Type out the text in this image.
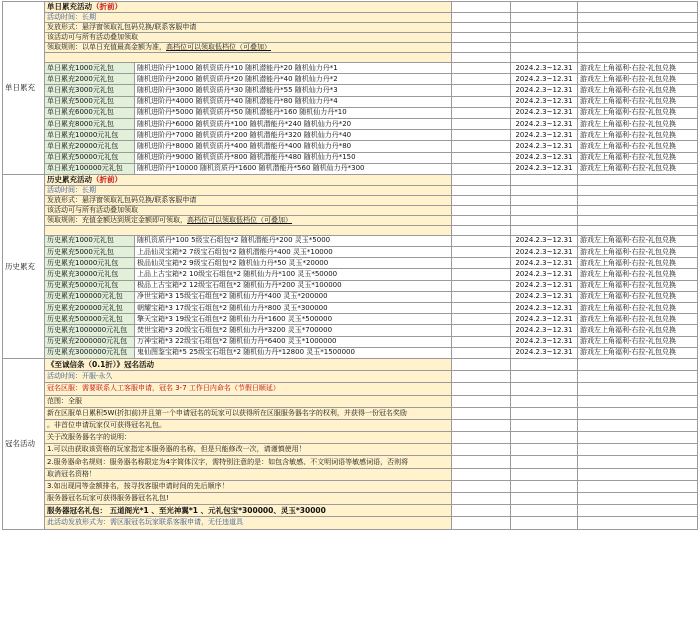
单日累充	单日累充活动（折前）				
	活动时间：长期				
	发放形式：悬浮窗领取礼包码兑换/联系客服申请				
	该活动可与所有活动叠加领取				
	领取规则：以单日充值最高金额为准，高档位可以领取低档位（可叠加）				

	单日累充1000元礼包	随机进阶丹*1000 随机资质丹*10 随机潜能丹*20 随机仙力丹*1		2024.2.3~12.31	游戏左上角福利-右拉-礼包兑换
	单日累充2000元礼包	随机进阶丹*2000 随机资质丹*20 随机潜能丹*40 随机仙力丹*2		2024.2.3~12.31	游戏左上角福利-右拉-礼包兑换
	单日累充3000元礼包	随机进阶丹*3000 随机资质丹*30 随机潜能丹*55 随机仙力丹*3		2024.2.3~12.31	游戏左上角福利-右拉-礼包兑换
	单日累充5000元礼包	随机进阶丹*4000 随机资质丹*40 随机潜能丹*80 随机仙力丹*4		2024.2.3~12.31	游戏左上角福利-右拉-礼包兑换
	单日累充6000元礼包	随机进阶丹*5000 随机资质丹*50 随机潜能丹*160 随机仙力丹*10		2024.2.3~12.31	游戏左上角福利-右拉-礼包兑换
	单日累充8000元礼包	随机进阶丹*6000 随机资质丹*100 随机潜能丹*240 随机仙力丹*20		2024.2.3~12.31	游戏左上角福利-右拉-礼包兑换
	单日累充10000元礼包	随机进阶丹*7000 随机资质丹*200 随机潜能丹*320 随机仙力丹*40		2024.2.3~12.31	游戏左上角福利-右拉-礼包兑换
	单日累充20000元礼包	随机进阶丹*8000 随机资质丹*400 随机潜能丹*400 随机仙力丹*80		2024.2.3~12.31	游戏左上角福利-右拉-礼包兑换
	单日累充50000元礼包	随机进阶丹*9000 随机资质丹*800 随机潜能丹*480 随机仙力丹*150		2024.2.3~12.31	游戏左上角福利-右拉-礼包兑换
	单日累充100000元礼包	随机进阶丹*10000 随机资质丹*1600 随机潜能丹*560 随机仙力丹*300		2024.2.3~12.31	游戏左上角福利-右拉-礼包兑换
历史累充	历史累充活动（折前）				
	活动时间：长期				
	发放形式：悬浮窗领取礼包码兑换/联系客服申请				
	该活动可与所有活动叠加领取				
	领取规则：充值金额达到规定金额即可领取，高档位可以领取低档位（可叠加）				

	历史累充1000元礼包	随机资质丹*100 5级宝石组包*2 随机潜能丹*200 灵玉*5000		2024.2.3~12.31	游戏左上角福利-右拉-礼包兑换
	历史累充5000元礼包	上品仙灵宝箱*2 7级宝石组包*2 随机潜能丹*400 灵玉*10000		2024.2.3~12.31	游戏左上角福利-右拉-礼包兑换
	历史累充10000元礼包	极品仙灵宝箱*2 9级宝石组包*2 随机仙力丹*50 灵玉*20000		2024.2.3~12.31	游戏左上角福利-右拉-礼包兑换
	历史累充30000元礼包	上品上古宝箱*2 10级宝石组包*2 随机仙力丹*100 灵玉*50000		2024.2.3~12.31	游戏左上角福利-右拉-礼包兑换
	历史累充50000元礼包	极品上古宝箱*2 12级宝石组包*2 随机仙力丹*200 灵玉*100000		2024.2.3~12.31	游戏左上角福利-右拉-礼包兑换
	历史累充100000元礼包	净世宝箱*3 15级宝石组包*2 随机仙力丹*400 灵玉*200000		2024.2.3~12.31	游戏左上角福利-右拉-礼包兑换
	历史累充200000元礼包	朝耀宝箱*3 17级宝石组包*2 随机仙力丹*800 灵玉*300000		2024.2.3~12.31	游戏左上角福利-右拉-礼包兑换
	历史累充500000元礼包	擎天宝箱*3 19级宝石组包*2 随机仙力丹*1600 灵玉*500000		2024.2.3~12.31	游戏左上角福利-右拉-礼包兑换
	历史累充1000000元礼包	焚世宝箱*3 20级宝石组包*2 随机仙力丹*3200 灵玉*700000		2024.2.3~12.31	游戏左上角福利-右拉-礼包兑换
	历史累充2000000元礼包	万神宝箱*3 22级宝石组包*2 随机仙力丹*6400 灵玉*1000000		2024.2.3~12.31	游戏左上角福利-右拉-礼包兑换
	历史累充3000000元礼包	鬼仙图鉴宝箱*5 25级宝石组包*2 随机仙力丹*12800 灵玉*1500000		2024.2.3~12.31	游戏左上角福利-右拉-礼包兑换
冠名活动	《至诚信条（0.1折）》冠名活动				
	活动时间：开服-永久				
	冠名区服：需要联系人工客服申请，冠名 3-7 工作日内命名（节假日顺延）				
	范围：全服				
	新在区服单日累积5W(折扣前)并且第一个申请冠名的玩家可以获得所在区服服务器名字的权利，并获得一份冠名奖励				
	。非首位申请玩家仅可获得冠名礼包。				
	关于改服务器名字的说明：				
	1.可以由获取该资格的玩家指定本服务器的名称，但是只能修改一次，请谨慎使用！				
	2.服务器命名规则：服务器名称限定为4字简体汉字，需特别注意的是：如包含敏感、不文明词语等敏感词语，否则将				
	取消冠名资格！				
	3.如出现同等金额排名，按寻找客服申请时间的先后顺序！				
	服务器冠名玩家可获得服务器冠名礼包!				
	服务器冠名礼包： 五道阁光*1 、至光神翼*1 、元礼包宝*300000、灵玉*30000				
	此活动发放形式为：需区服冠名玩家联系客服申请，无任违道具				
